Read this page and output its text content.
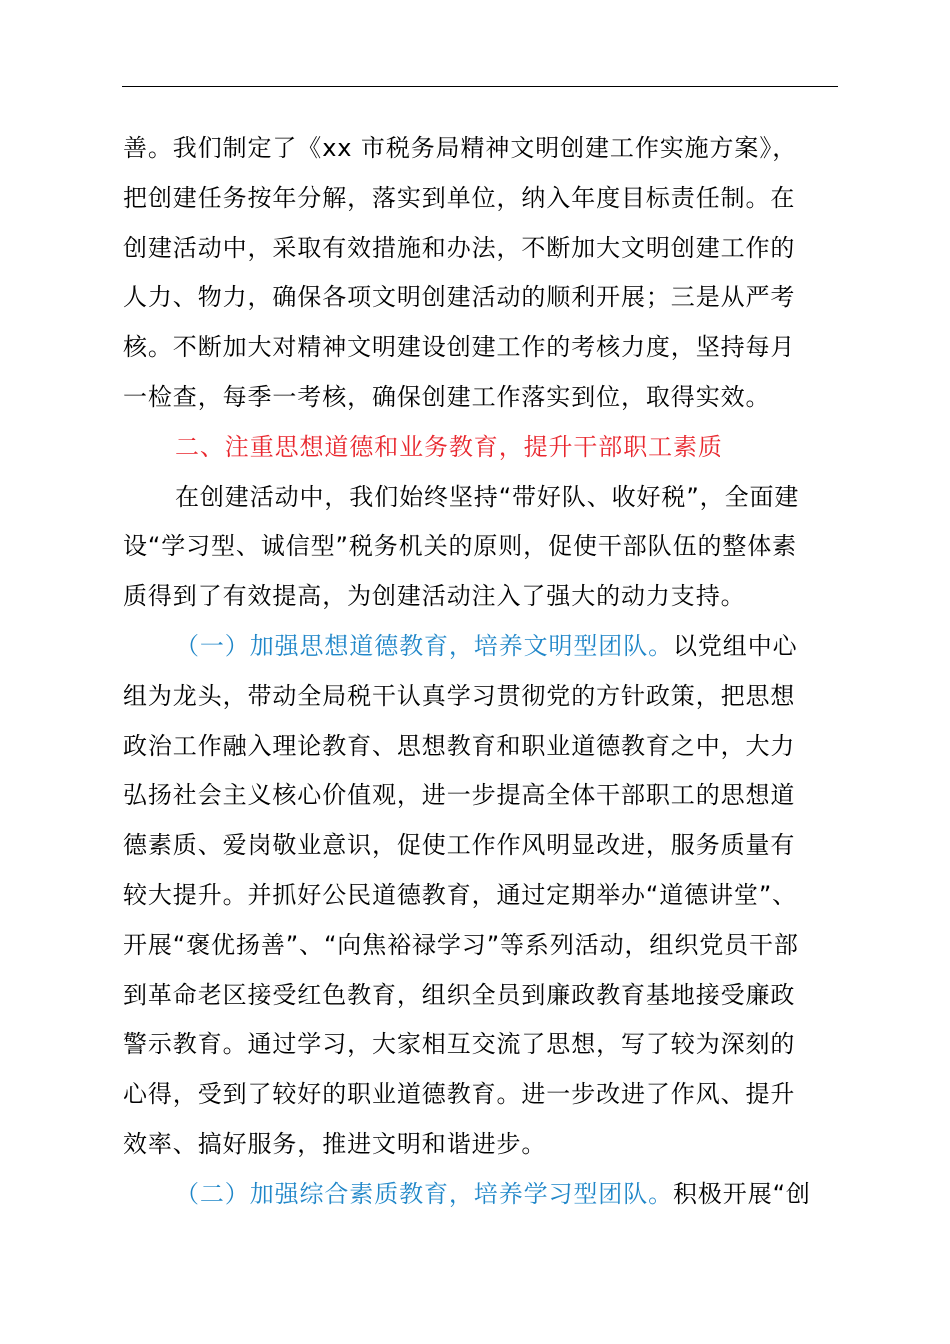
善。我们制定了《xx 市税务局精神文明创建工作实施方案》，
把创建任务按年分解，落实到单位，纳入年度目标责任制。在
创建活动中，采取有效措施和办法，不断加大文明创建工作的
人力、物力，确保各项文明创建活动的顺利开展；三是从严考
核。不断加大对精神文明建设创建工作的考核力度，坚持每月
一检查，每季一考核，确保创建工作落实到位，取得实效。
二、注重思想道德和业务教育，提升干部职工素质
在创建活动中，我们始终坚持“带好队、收好税”，全面建
设“学习型、诚信型”税务机关的原则，促使干部队伍的整体素
质得到了有效提高，为创建活动注入了强大的动力支持。
（一）加强思想道德教育，培养文明型团队。以党组中心
组为龙头，带动全局税干认真学习贯彻党的方针政策，把思想
政治工作融入理论教育、思想教育和职业道德教育之中，大力
弘扬社会主义核心价值观，进一步提高全体干部职工的思想道
德素质、爱岗敬业意识，促使工作作风明显改进，服务质量有
较大提升。并抓好公民道德教育，通过定期举办“道德讲堂”、
开展“褒优扬善”、“向焦裕禄学习”等系列活动，组织党员干部
到革命老区接受红色教育，组织全员到廉政教育基地接受廉政
警示教育。通过学习，大家相互交流了思想，写了较为深刻的
心得，受到了较好的职业道德教育。进一步改进了作风、提升
效率、搞好服务，推进文明和谐进步。
（二）加强综合素质教育，培养学习型团队。积极开展“创
